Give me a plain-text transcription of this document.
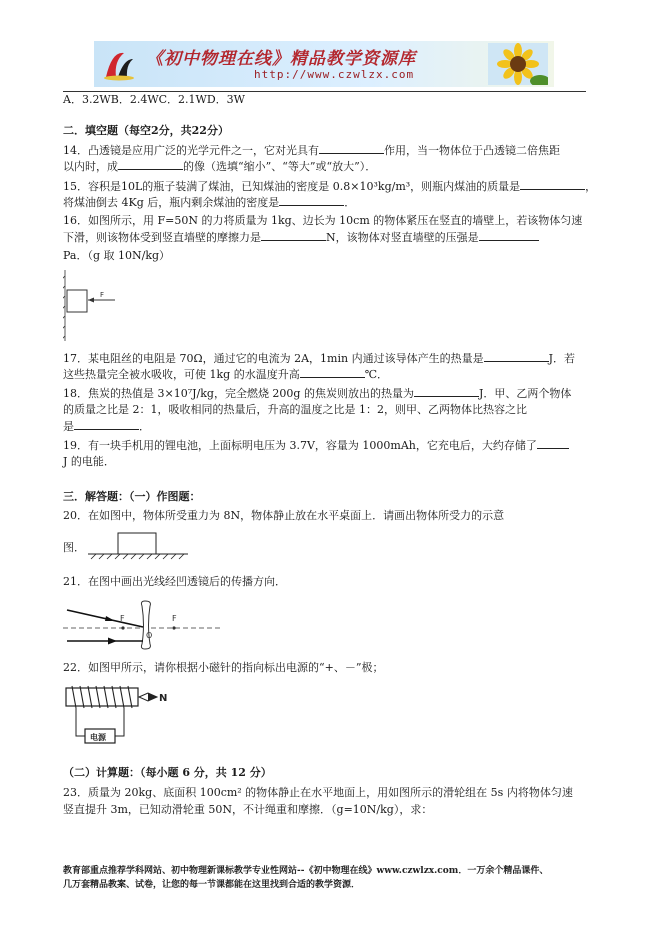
《初中物理在线》精品教学资源库
http://www.czwlzx.com
A．3.2WB．2.4WC．2.1WD．3W
二．填空题（每空2分，共22分）
14．凸透镜是应用广泛的光学元件之一，它对光具有	作用，当一物体位于凸透镜二倍焦距
以内时，成	的像（选填“缩小”、“等大”或“放大”）．
15．容积是10L的瓶子装满了煤油，已知煤油的密度是 0.8×10³kg/m³，则瓶内煤油的质量是	，
将煤油倒去 4Kg 后，瓶内剩余煤油的密度是	．
16．如图所示，用 F=50N 的力将质量为 1kg、边长为 10cm 的物体紧压在竖直的墙壁上，若该物体匀速
下滑，则该物体受到竖直墙壁的摩擦力是	N，该物体对竖直墙壁的压强是
Pa．（g 取 10N/kg）
F
17．某电阻丝的电阻是 70Ω，通过它的电流为 2A，1min 内通过该导体产生的热量是	J．若
这些热量完全被水吸收，可使 1kg 的水温度升高	℃．
18．焦炭的热值是 3×10⁷J/kg，完全燃烧 200g 的焦炭则放出的热量为	J．甲、乙两个物体
的质量之比是 2：1，吸收相同的热量后，升高的温度之比是 1：2，则甲、乙两物体比热容之比
是	．
19．有一块手机用的锂电池，上面标明电压为 3.7V，容量为 1000mAh，它充电后，大约存储了
J 的电能．
三．解答题：（一）作图题：
20．在如图中，物体所受重力为 8N，物体静止放在水平桌面上．请画出物体所受力的示意
图．
21．在图中画出光线经凹透镜后的传播方向．
F	F
O
22．如图甲所示，请你根据小磁针的指向标出电源的“+、－”极；
电源
N
（二）计算题：（每小题 6 分，共 12 分）
23．质量为 20kg、底面积 100cm² 的物体静止在水平地面上，用如图所示的滑轮组在 5s 内将物体匀速
竖直提升 3m，已知动滑轮重 50N，不计绳重和摩擦．（g=10N/kg），求：
教育部重点推荐学科网站、初中物理新课标教学专业性网站--《初中物理在线》www.czwlzx.com．一万余个精品课件、
几万套精品教案、试卷，让您的每一节课都能在这里找到合适的教学资源．
